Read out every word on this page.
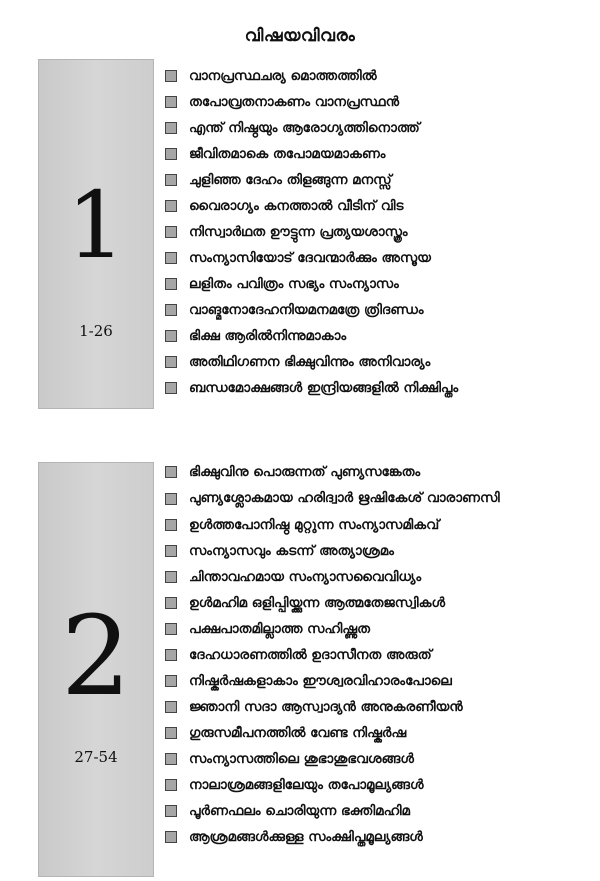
വിഷയവിവരം
1
1-26
വാനപ്രസ്ഥചര്യ മൊത്തത്തിൽ
തപോവ്രതനാകണം വാനപ്രസ്ഥൻ
എന്ത് നിഷ്ഠയും ആരോഗ്യത്തിനൊത്ത്
ജീവിതമാകെ തപോമയമാകണം
ചുളിഞ്ഞ ദേഹം തിളങ്ങുന്ന മനസ്സ്
വൈരാഗ്യം കനത്താൽ വീടിന് വിട
നിസ്വാർഥത ഊട്ടുന്ന പ്രത്യയശാസ്ത്രം
സംന്യാസിയോട് ദേവന്മാർക്കും അസൂയ
ലളിതം പവിത്രം സഭ്യം സംന്യാസം
വാങ്മനോദേഹനിയമനമത്രേ ത്രിദണ്ഡം
ഭിക്ഷ ആരിൽനിന്നുമാകാം
അതിഥിഗണന ഭിക്ഷുവിന്നും അനിവാര്യം
ബന്ധമോക്ഷങ്ങൾ ഇന്ദ്രിയങ്ങളിൽ നിക്ഷിപ്തം
2
27-54
ഭിക്ഷുവിനു പൊരുന്നത് പുണ്യസങ്കേതം
പുണ്യശ്ലോകമായ ഹരിദ്വാർ ഋഷികേശ് വാരാണസി
ഉൾത്തപോനിഷ്ഠ മുറ്റുന്ന സംന്യാസമികവ്
സംന്യാസവും കടന്ന് അത്യാശ്രമം
ചിന്താവഹമായ സംന്യാസവൈവിധ്യം
ഉൾമഹിമ ഒളിപ്പിയ്ക്കുന്ന ആത്മതേജസ്വികൾ
പക്ഷപാതമില്ലാത്ത സഹിഷ്ണുത
ദേഹധാരണത്തിൽ ഉദാസീനത അരുത്
നിഷ്കർഷകളാകാം ഈശ്വരവിഹാരംപോലെ
ജ്ഞാനി സദാ ആസ്വാദ്യൻ അനുകരണീയൻ
ഗുരുസമീപനത്തിൽ വേണ്ട നിഷ്കർഷ
സംന്യാസത്തിലെ ശുഭാശുഭവശങ്ങൾ
നാലാശ്രമങ്ങളിലേയും തപോമൂല്യങ്ങൾ
പൂർണഫലം ചൊരിയുന്ന ഭക്തിമഹിമ
ആശ്രമങ്ങൾക്കുള്ള സംക്ഷിപ്തമൂല്യങ്ങൾ
